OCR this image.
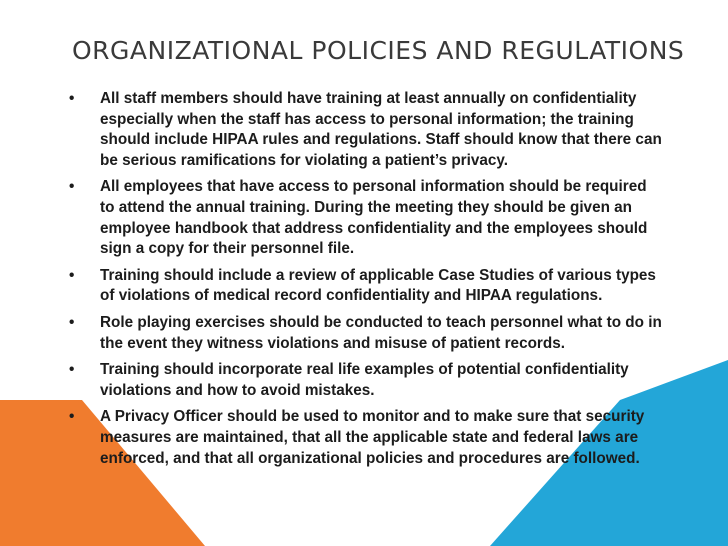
ORGANIZATIONAL POLICIES AND REGULATIONS
• All staff members should have training at least annually on confidentiality especially when the staff has access to personal information; the training should include HIPAA rules and regulations. Staff should know that there can be serious ramifications for violating a patient’s privacy.
• All employees that have access to personal information should be required to attend the annual training. During the meeting they should be given an employee handbook that address confidentiality and the employees should sign a copy for their personnel file.
• Training should include a review of applicable Case Studies of various types of violations of medical record confidentiality and HIPAA regulations.
• Role playing exercises should be conducted to teach personnel what to do in the event they witness violations and misuse of patient records.
• Training should incorporate real life examples of potential confidentiality violations and how to avoid mistakes.
• A Privacy Officer should be used to monitor and to make sure that security measures are maintained, that all the applicable state and federal laws are enforced, and that all organizational policies and procedures are followed.
